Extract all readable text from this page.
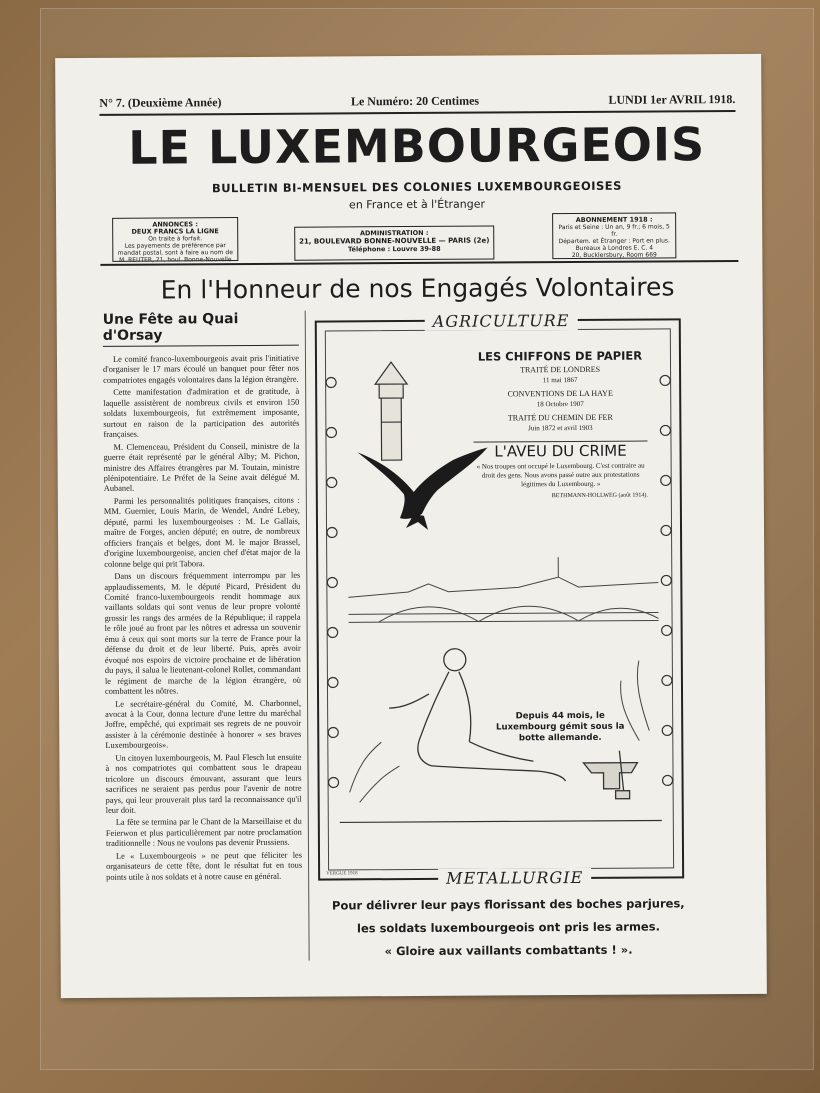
N° 7. (Deuxième Année)	Le Numéro: 20 Centimes	LUNDI 1er AVRIL 1918.
LE LUXEMBOURGEOIS
BULLETIN BI-MENSUEL DES COLONIES LUXEMBOURGEOISES
en France et à l'Étranger
ANNONCES :
DEUX FRANCS LA LIGNE
On traite à forfait.
Les payements de préférence par mandat postal, sont à faire au nom de
M. REUTER, 21, boul. Bonne-Nouvelle
ADMINISTRATION :
21, BOULEVARD BONNE-NOUVELLE — PARIS (2e)
Téléphone : Louvre 39-88
ABONNEMENT 1918 :
Paris et Seine : Un an, 9 fr.; 6 mois, 5 fr.
Départem. et Étranger : Port en plus.
Bureaux à Londres E. C. 4
20, Bucklersbury, Room 669
En l'Honneur de nos Engagés Volontaires
Une Fête au Quai d'Orsay

Le comité franco-luxembourgeois avait pris l'initiative d'organiser le 17 mars écoulé un banquet pour fêter nos compatriotes engagés volontaires dans la légion étrangère.

Cette manifestation d'admiration et de gratitude, à laquelle assistèrent de nombreux civils et environ 150 soldats luxembourgeois, fut extrêmement imposante, surtout en raison de la participation des autorités françaises.

M. Clemenceau, Président du Conseil, ministre de la guerre était représenté par le général Alby; M. Pichon, ministre des Affaires étrangères par M. Toutain, ministre plénipotentiaire. Le Préfet de la Seine avait délégué M. Aubanel.

Parmi les personnalités politiques françaises, citons : MM. Guernier, Louis Marin, de Wendel, André Lebey, député, parmi les luxembourgeoises : M. Le Gallais, maître de Forges, ancien député; en outre, de nombreux officiers français et belges, dont M. le major Brassel, d'origine luxembourgeoise, ancien chef d'état major de la colonne belge qui prit Tabora.

Dans un discours fréquemment interrompu par les applaudissements, M. le député Picard, Président du Comité franco-luxembourgeois rendit hommage aux vaillants soldats qui sont venus de leur propre volonté grossir les rangs des armées de la République; il rappela le rôle joué au front par les nôtres et adressa un souvenir ému à ceux qui sont morts sur la terre de France pour la défense du droit et de leur liberté. Puis, après avoir évoqué nos espoirs de victoire prochaine et de libération du pays, il salua le lieutenant-colonel Rollet, commandant le régiment de marche de la légion étrangère, où combattent les nôtres.

Le secrétaire-général du Comité, M. Charbonnel, avocat à la Cour, donna lecture d'une lettre du maréchal Joffre, empêché, qui exprimait ses regrets de ne pouvoir assister à la cérémonie destinée à honorer « ses braves Luxembourgeois».

Un citoyen luxembourgeois, M. Paul Flesch lut ensuite à nos compatriotes qui combattent sous le drapeau tricolore un discours émouvant, assurant que leurs sacrifices ne seraient pas perdus pour l'avenir de notre pays, qui leur prouverait plus tard la reconnaissance qu'il leur doit.

La fête se termina par le Chant de la Marseillaise et du Feierwon et plus particulièrement par notre proclamation traditionnelle : Nous ne voulons pas devenir Prussiens.

Le « Luxembourgeois » ne peut que féliciter les organisateurs de cette fête, dont le résultat fut en tous points utile à nos soldats et à notre cause en général.

AGRICULTURE
METALLURGIE
LES CHIFFONS DE PAPIER
TRAITÉ DE LONDRES
11 mai 1867
CONVENTIONS DE LA HAYE
18 Octobre 1907
TRAITÉ DU CHEMIN DE FER
Juin 1872 et avril 1903
L'AVEU DU CRIME
« Nos troupes ont occupé le Luxembourg. C'est contraire au droit des gens. Nous avons passé outre aux protestations légitimes du Luxembourg. »
BETHMANN-HOLLWEG (août 1914).
Depuis 44 mois, le Luxembourg gémit sous la botte allemande.
VERGUE 1918
Pour délivrer leur pays florissant des boches parjures,
les soldats luxembourgeois ont pris les armes.
« Gloire aux vaillants combattants ! ».
